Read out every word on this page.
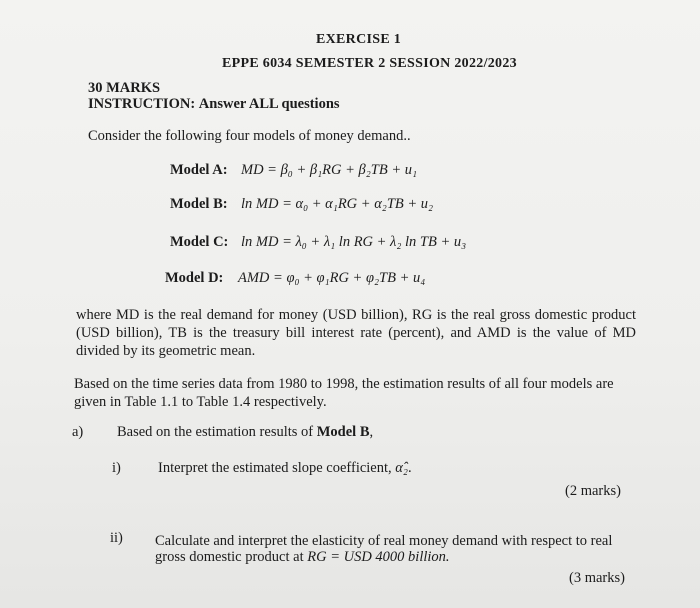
EXERCISE 1
EPPE 6034 SEMESTER 2 SESSION 2022/2023
30 MARKS
INSTRUCTION: Answer ALL questions
Consider the following four models of money demand..
Model A: MD = β₀ + β₁RG + β₂TB + u₁
Model B: ln MD = α₀ + α₁RG + α₂TB + u₂
Model C: ln MD = λ₀ + λ₁ ln RG + λ₂ ln TB + u₃
Model D: AMD = φ₀ + φ₁RG + φ₂TB + u₄
where MD is the real demand for money (USD billion), RG is the real gross domestic product (USD billion), TB is the treasury bill interest rate (percent), and AMD is the value of MD divided by its geometric mean.
Based on the time series data from 1980 to 1998, the estimation results of all four models are given in Table 1.1 to Table 1.4 respectively.
a) Based on the estimation results of Model B,
i)	Interpret the estimated slope coefficient, α̂₂.
(2 marks)
ii) Calculate and interpret the elasticity of real money demand with respect to real
gross domestic product at RG = USD 4000 billion.
(3 marks)
